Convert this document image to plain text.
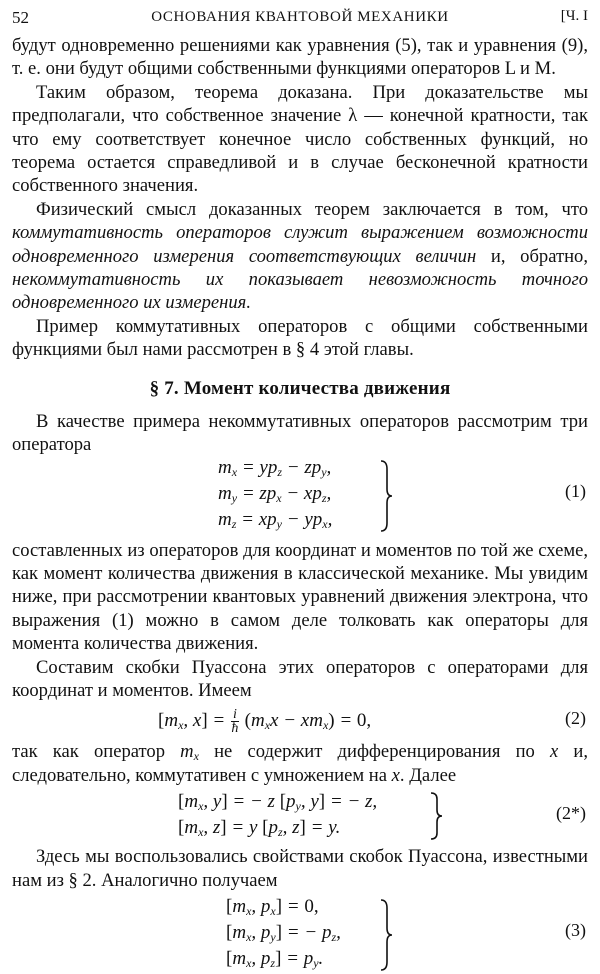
52	ОСНОВАНИЯ КВАНТОВОЙ МЕХАНИКИ	[Ч. I

будут одновременно решениями как уравнения (5), так и уравнения (9), т. е. они будут общими собственными функциями операторов L и M.

Таким образом, теорема доказана. При доказательстве мы предполагали, что собственное значение λ — конечной кратности, так что ему соответствует конечное число собственных функций, но теорема остается справедливой и в случае бесконечной кратности собственного значения.

Физический смысл доказанных теорем заключается в том, что коммутативность операторов служит выражением возможности одновременного измерения соответствующих величин и, обратно, некоммутативность их показывает невозможность точного одновременного их измерения.

Пример коммутативных операторов с общими собственными функциями был нами рассмотрен в § 4 этой главы.

§ 7. Момент количества движения

В качестве примера некоммутативных операторов рассмотрим три оператора

$m_x = yp_z - zp_y$,
$m_y = zp_x - xp_z$,
$m_z = xp_y - yp_x$,
(1)

составленных из операторов для координат и моментов по той же схеме, как момент количества движения в классической механике. Мы увидим ниже, при рассмотрении квантовых уравнений движения электрона, что выражения (1) можно в самом деле толковать как операторы для момента количества движения.

Составим скобки Пуассона этих операторов с операторами для координат и моментов. Имеем

[$m_x$, $x] = \frac{i}{ħ} (m_xx - xm_x) = 0$,	(2)

так как оператор $m_x$ не содержит дифференцирования по x и, следовательно, коммутативен с умножением на x. Далее

[$m_x$, y] = − z [$p_y$, y] = − z,
[$m_x$, z] = y [$p_z$, z] = y.
(2*)

Здесь мы воспользовались свойствами скобок Пуассона, известными нам из § 2. Аналогично получаем

[$m_x$, $p_x] = 0$,
[$m_x$, $p_y$] = − $p_z$,
[$m_x$, $p_z] = p_y$.
(3)
